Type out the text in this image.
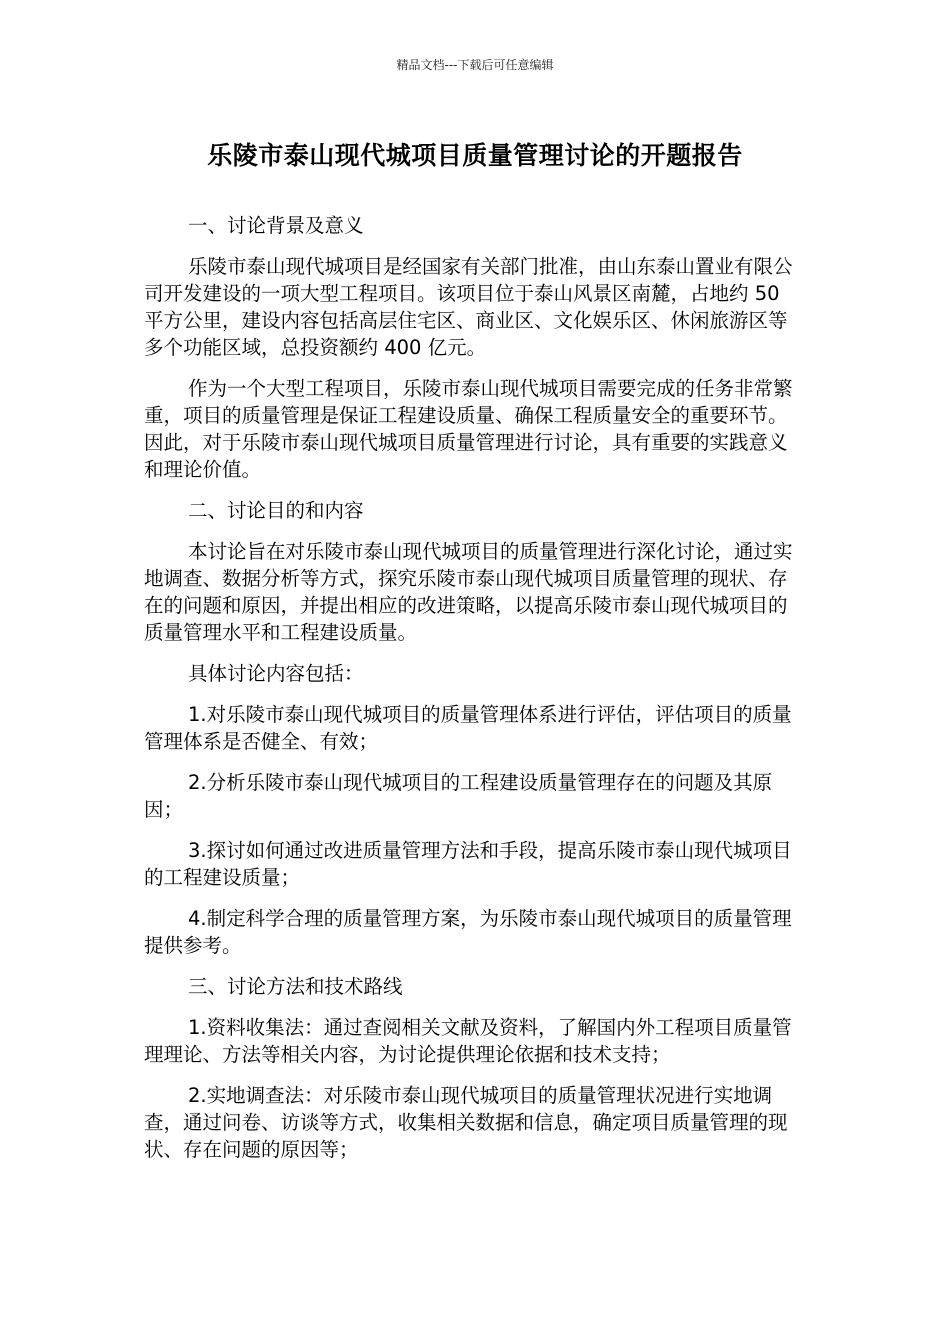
精品文档---下载后可任意编辑
乐陵市泰山现代城项目质量管理讨论的开题报告

一、讨论背景及意义

乐陵市泰山现代城项目是经国家有关部门批准，由山东泰山置业有限公司开发建设的一项大型工程项目。该项目位于泰山风景区南麓，占地约 50 平方公里，建设内容包括高层住宅区、商业区、文化娱乐区、休闲旅游区等多个功能区域，总投资额约 400 亿元。

作为一个大型工程项目，乐陵市泰山现代城项目需要完成的任务非常繁重，项目的质量管理是保证工程建设质量、确保工程质量安全的重要环节。因此，对于乐陵市泰山现代城项目质量管理进行讨论，具有重要的实践意义和理论价值。

二、讨论目的和内容

本讨论旨在对乐陵市泰山现代城项目的质量管理进行深化讨论，通过实地调查、数据分析等方式，探究乐陵市泰山现代城项目质量管理的现状、存在的问题和原因，并提出相应的改进策略，以提高乐陵市泰山现代城项目的质量管理水平和工程建设质量。

具体讨论内容包括：

1.对乐陵市泰山现代城项目的质量管理体系进行评估，评估项目的质量管理体系是否健全、有效；

2.分析乐陵市泰山现代城项目的工程建设质量管理存在的问题及其原因；

3.探讨如何通过改进质量管理方法和手段，提高乐陵市泰山现代城项目的工程建设质量；

4.制定科学合理的质量管理方案，为乐陵市泰山现代城项目的质量管理提供参考。

三、讨论方法和技术路线

1.资料收集法：通过查阅相关文献及资料，了解国内外工程项目质量管理理论、方法等相关内容，为讨论提供理论依据和技术支持；

2.实地调查法：对乐陵市泰山现代城项目的质量管理状况进行实地调查，通过问卷、访谈等方式，收集相关数据和信息，确定项目质量管理的现状、存在问题的原因等；
